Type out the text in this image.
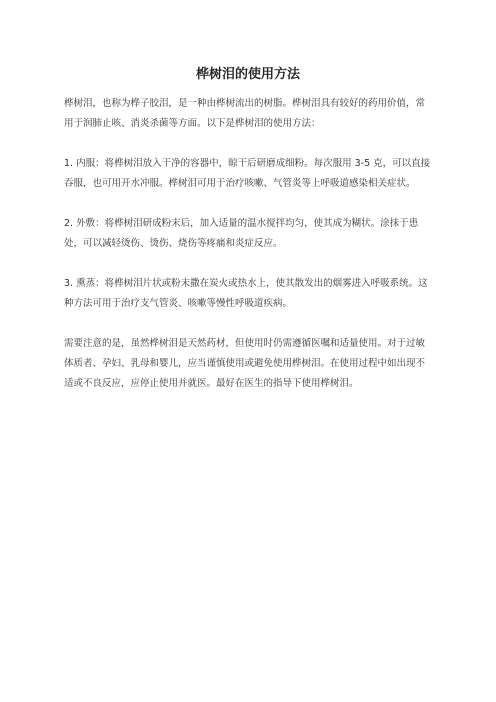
桦树泪的使用方法

桦树泪，也称为桦子胶泪，是一种由桦树流出的树脂。桦树泪具有较好的药用价值，常用于润肺止咳、消炎杀菌等方面。以下是桦树泪的使用方法：

1. 内服：将桦树泪放入干净的容器中，晾干后研磨成细粉。每次服用 3-5 克，可以直接吞服，也可用开水冲服。桦树泪可用于治疗咳嗽、气管炎等上呼吸道感染相关症状。

2. 外敷：将桦树泪研成粉末后，加入适量的温水搅拌均匀，使其成为糊状。涂抹于患处，可以减轻烫伤、烫伤、烧伤等疼痛和炎症反应。

3. 熏蒸：将桦树泪片状或粉末撒在炭火或热水上，使其散发出的烟雾进入呼吸系统。这种方法可用于治疗支气管炎、咳嗽等慢性呼吸道疾病。

需要注意的是，虽然桦树泪是天然药材，但使用时仍需遵循医嘱和适量使用。对于过敏体质者、孕妇、乳母和婴儿，应当谨慎使用或避免使用桦树泪。在使用过程中如出现不适或不良反应，应停止使用并就医。最好在医生的指导下使用桦树泪。
